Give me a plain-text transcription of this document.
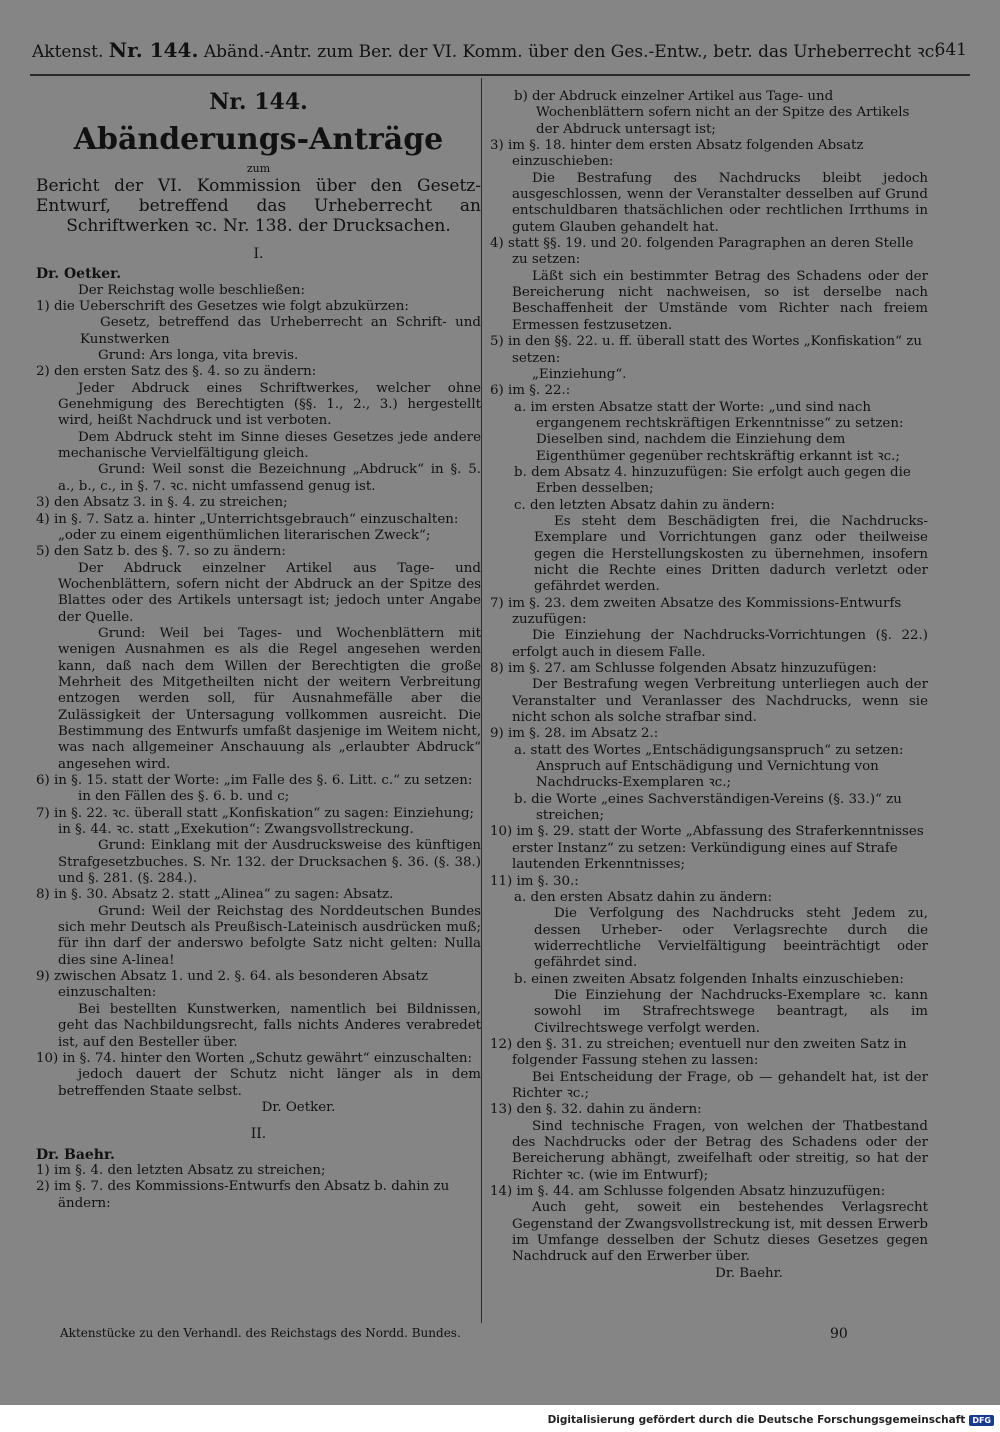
Aktenst. Nr. 144. Abänd.-Antr. zum Ber. der VI. Komm. über den Ges.-Entw., betr. das Urheberrecht ꝛc.
641

Nr. 144.

Abänderungs-Anträge

zum

Bericht der VI. Kommission über den Gesetz-Entwurf, betreffend das Urheberrecht an Schriftwerken ꝛc. Nr. 138. der Drucksachen.

I.

Dr. Oetker.

Der Reichstag wolle beschließen:

1) die Ueberschrift des Gesetzes wie folgt abzukürzen:

Gesetz, betreffend das Urheberrecht an Schrift- und Kunstwerken

Grund: Ars longa, vita brevis.

2) den ersten Satz des §. 4. so zu ändern:

Jeder Abdruck eines Schriftwerkes, welcher ohne Genehmigung des Berechtigten (§§. 1., 2., 3.) hergestellt wird, heißt Nachdruck und ist verboten.

Dem Abdruck steht im Sinne dieses Gesetzes jede andere mechanische Vervielfältigung gleich.

Grund: Weil sonst die Bezeichnung „Abdruck“ in §. 5. a., b., c., in §. 7. ꝛc. nicht umfassend genug ist.

3) den Absatz 3. in §. 4. zu streichen;

4) in §. 7. Satz a. hinter „Unterrichtsgebrauch“ einzuschalten: „oder zu einem eigenthümlichen literarischen Zweck“;

5) den Satz b. des §. 7. so zu ändern:

Der Abdruck einzelner Artikel aus Tage- und Wochenblättern, sofern nicht der Abdruck an der Spitze des Blattes oder des Artikels untersagt ist; jedoch unter Angabe der Quelle.

Grund: Weil bei Tages- und Wochenblättern mit wenigen Ausnahmen es als die Regel angesehen werden kann, daß nach dem Willen der Berechtigten die große Mehrheit des Mitgetheilten nicht der weitern Verbreitung entzogen werden soll, für Ausnahmefälle aber die Zulässigkeit der Untersagung vollkommen ausreicht. Die Bestimmung des Entwurfs umfaßt dasjenige im Weitem nicht, was nach allgemeiner Anschauung als „erlaubter Abdruck“ angesehen wird.

6) in §. 15. statt der Worte: „im Falle des §. 6. Litt. c.“ zu setzen:

in den Fällen des §. 6. b. und c;

7) in §. 22. ꝛc. überall statt „Konfiskation“ zu sagen: Einziehung; in §. 44. ꝛc. statt „Exekution“: Zwangsvollstreckung.

Grund: Einklang mit der Ausdrucksweise des künftigen Strafgesetzbuches. S. Nr. 132. der Drucksachen §. 36. (§. 38.) und §. 281. (§. 284.).

8) in §. 30. Absatz 2. statt „Alinea“ zu sagen: Absatz.

Grund: Weil der Reichstag des Norddeutschen Bundes sich mehr Deutsch als Preußisch-Lateinisch ausdrücken muß; für ihn darf der anderswo befolgte Satz nicht gelten: Nulla dies sine A-linea!

9) zwischen Absatz 1. und 2. §. 64. als besonderen Absatz einzuschalten:

Bei bestellten Kunstwerken, namentlich bei Bildnissen, geht das Nachbildungsrecht, falls nichts Anderes verabredet ist, auf den Besteller über.

10) in §. 74. hinter den Worten „Schutz gewährt“ einzuschalten:

jedoch dauert der Schutz nicht länger als in dem betreffenden Staate selbst.

Dr. Oetker.

II.

Dr. Baehr.

1) im §. 4. den letzten Absatz zu streichen;

2) im §. 7. des Kommissions-Entwurfs den Absatz b. dahin zu ändern:

b) der Abdruck einzelner Artikel aus Tage- und Wochenblättern sofern nicht an der Spitze des Artikels der Abdruck untersagt ist;

3) im §. 18. hinter dem ersten Absatz folgenden Absatz einzuschieben:

Die Bestrafung des Nachdrucks bleibt jedoch ausgeschlossen, wenn der Veranstalter desselben auf Grund entschuldbaren thatsächlichen oder rechtlichen Irrthums in gutem Glauben gehandelt hat.

4) statt §§. 19. und 20. folgenden Paragraphen an deren Stelle zu setzen:

Läßt sich ein bestimmter Betrag des Schadens oder der Bereicherung nicht nachweisen, so ist derselbe nach Beschaffenheit der Umstände vom Richter nach freiem Ermessen festzusetzen.

5) in den §§. 22. u. ff. überall statt des Wortes „Konfiskation“ zu setzen:

„Einziehung“.

6) im §. 22.:

a. im ersten Absatze statt der Worte: „und sind nach ergangenem rechtskräftigen Erkenntnisse“ zu setzen: Dieselben sind, nachdem die Einziehung dem Eigenthümer gegenüber rechtskräftig erkannt ist ꝛc.;

b. dem Absatz 4. hinzuzufügen: Sie erfolgt auch gegen die Erben desselben;

c. den letzten Absatz dahin zu ändern:

Es steht dem Beschädigten frei, die Nachdrucks-Exemplare und Vorrichtungen ganz oder theilweise gegen die Herstellungskosten zu übernehmen, insofern nicht die Rechte eines Dritten dadurch verletzt oder gefährdet werden.

7) im §. 23. dem zweiten Absatze des Kommissions-Entwurfs zuzufügen:

Die Einziehung der Nachdrucks-Vorrichtungen (§. 22.) erfolgt auch in diesem Falle.

8) im §. 27. am Schlusse folgenden Absatz hinzuzufügen:

Der Bestrafung wegen Verbreitung unterliegen auch der Veranstalter und Veranlasser des Nachdrucks, wenn sie nicht schon als solche strafbar sind.

9) im §. 28. im Absatz 2.:

a. statt des Wortes „Entschädigungsanspruch“ zu setzen: Anspruch auf Entschädigung und Vernichtung von Nachdrucks-Exemplaren ꝛc.;

b. die Worte „eines Sachverständigen-Vereins (§. 33.)“ zu streichen;

10) im §. 29. statt der Worte „Abfassung des Straferkenntnisses erster Instanz“ zu setzen: Verkündigung eines auf Strafe lautenden Erkenntnisses;

11) im §. 30.:

a. den ersten Absatz dahin zu ändern:

Die Verfolgung des Nachdrucks steht Jedem zu, dessen Urheber- oder Verlagsrechte durch die widerrechtliche Vervielfältigung beeinträchtigt oder gefährdet sind.

b. einen zweiten Absatz folgenden Inhalts einzuschieben:

Die Einziehung der Nachdrucks-Exemplare ꝛc. kann sowohl im Strafrechtswege beantragt, als im Civilrechtswege verfolgt werden.

12) den §. 31. zu streichen; eventuell nur den zweiten Satz in folgender Fassung stehen zu lassen:

Bei Entscheidung der Frage, ob — gehandelt hat, ist der Richter ꝛc.;

13) den §. 32. dahin zu ändern:

Sind technische Fragen, von welchen der Thatbestand des Nachdrucks oder der Betrag des Schadens oder der Bereicherung abhängt, zweifelhaft oder streitig, so hat der Richter ꝛc. (wie im Entwurf);

14) im §. 44. am Schlusse folgenden Absatz hinzuzufügen:

Auch geht, soweit ein bestehendes Verlagsrecht Gegenstand der Zwangsvollstreckung ist, mit dessen Erwerb im Umfange desselben der Schutz dieses Gesetzes gegen Nachdruck auf den Erwerber über.

Dr. Baehr.

Aktenstücke zu den Verhandl. des Reichstags des Nordd. Bundes.	90
Digitalisierung gefördert durch die Deutsche Forschungsgemeinschaft DFG
